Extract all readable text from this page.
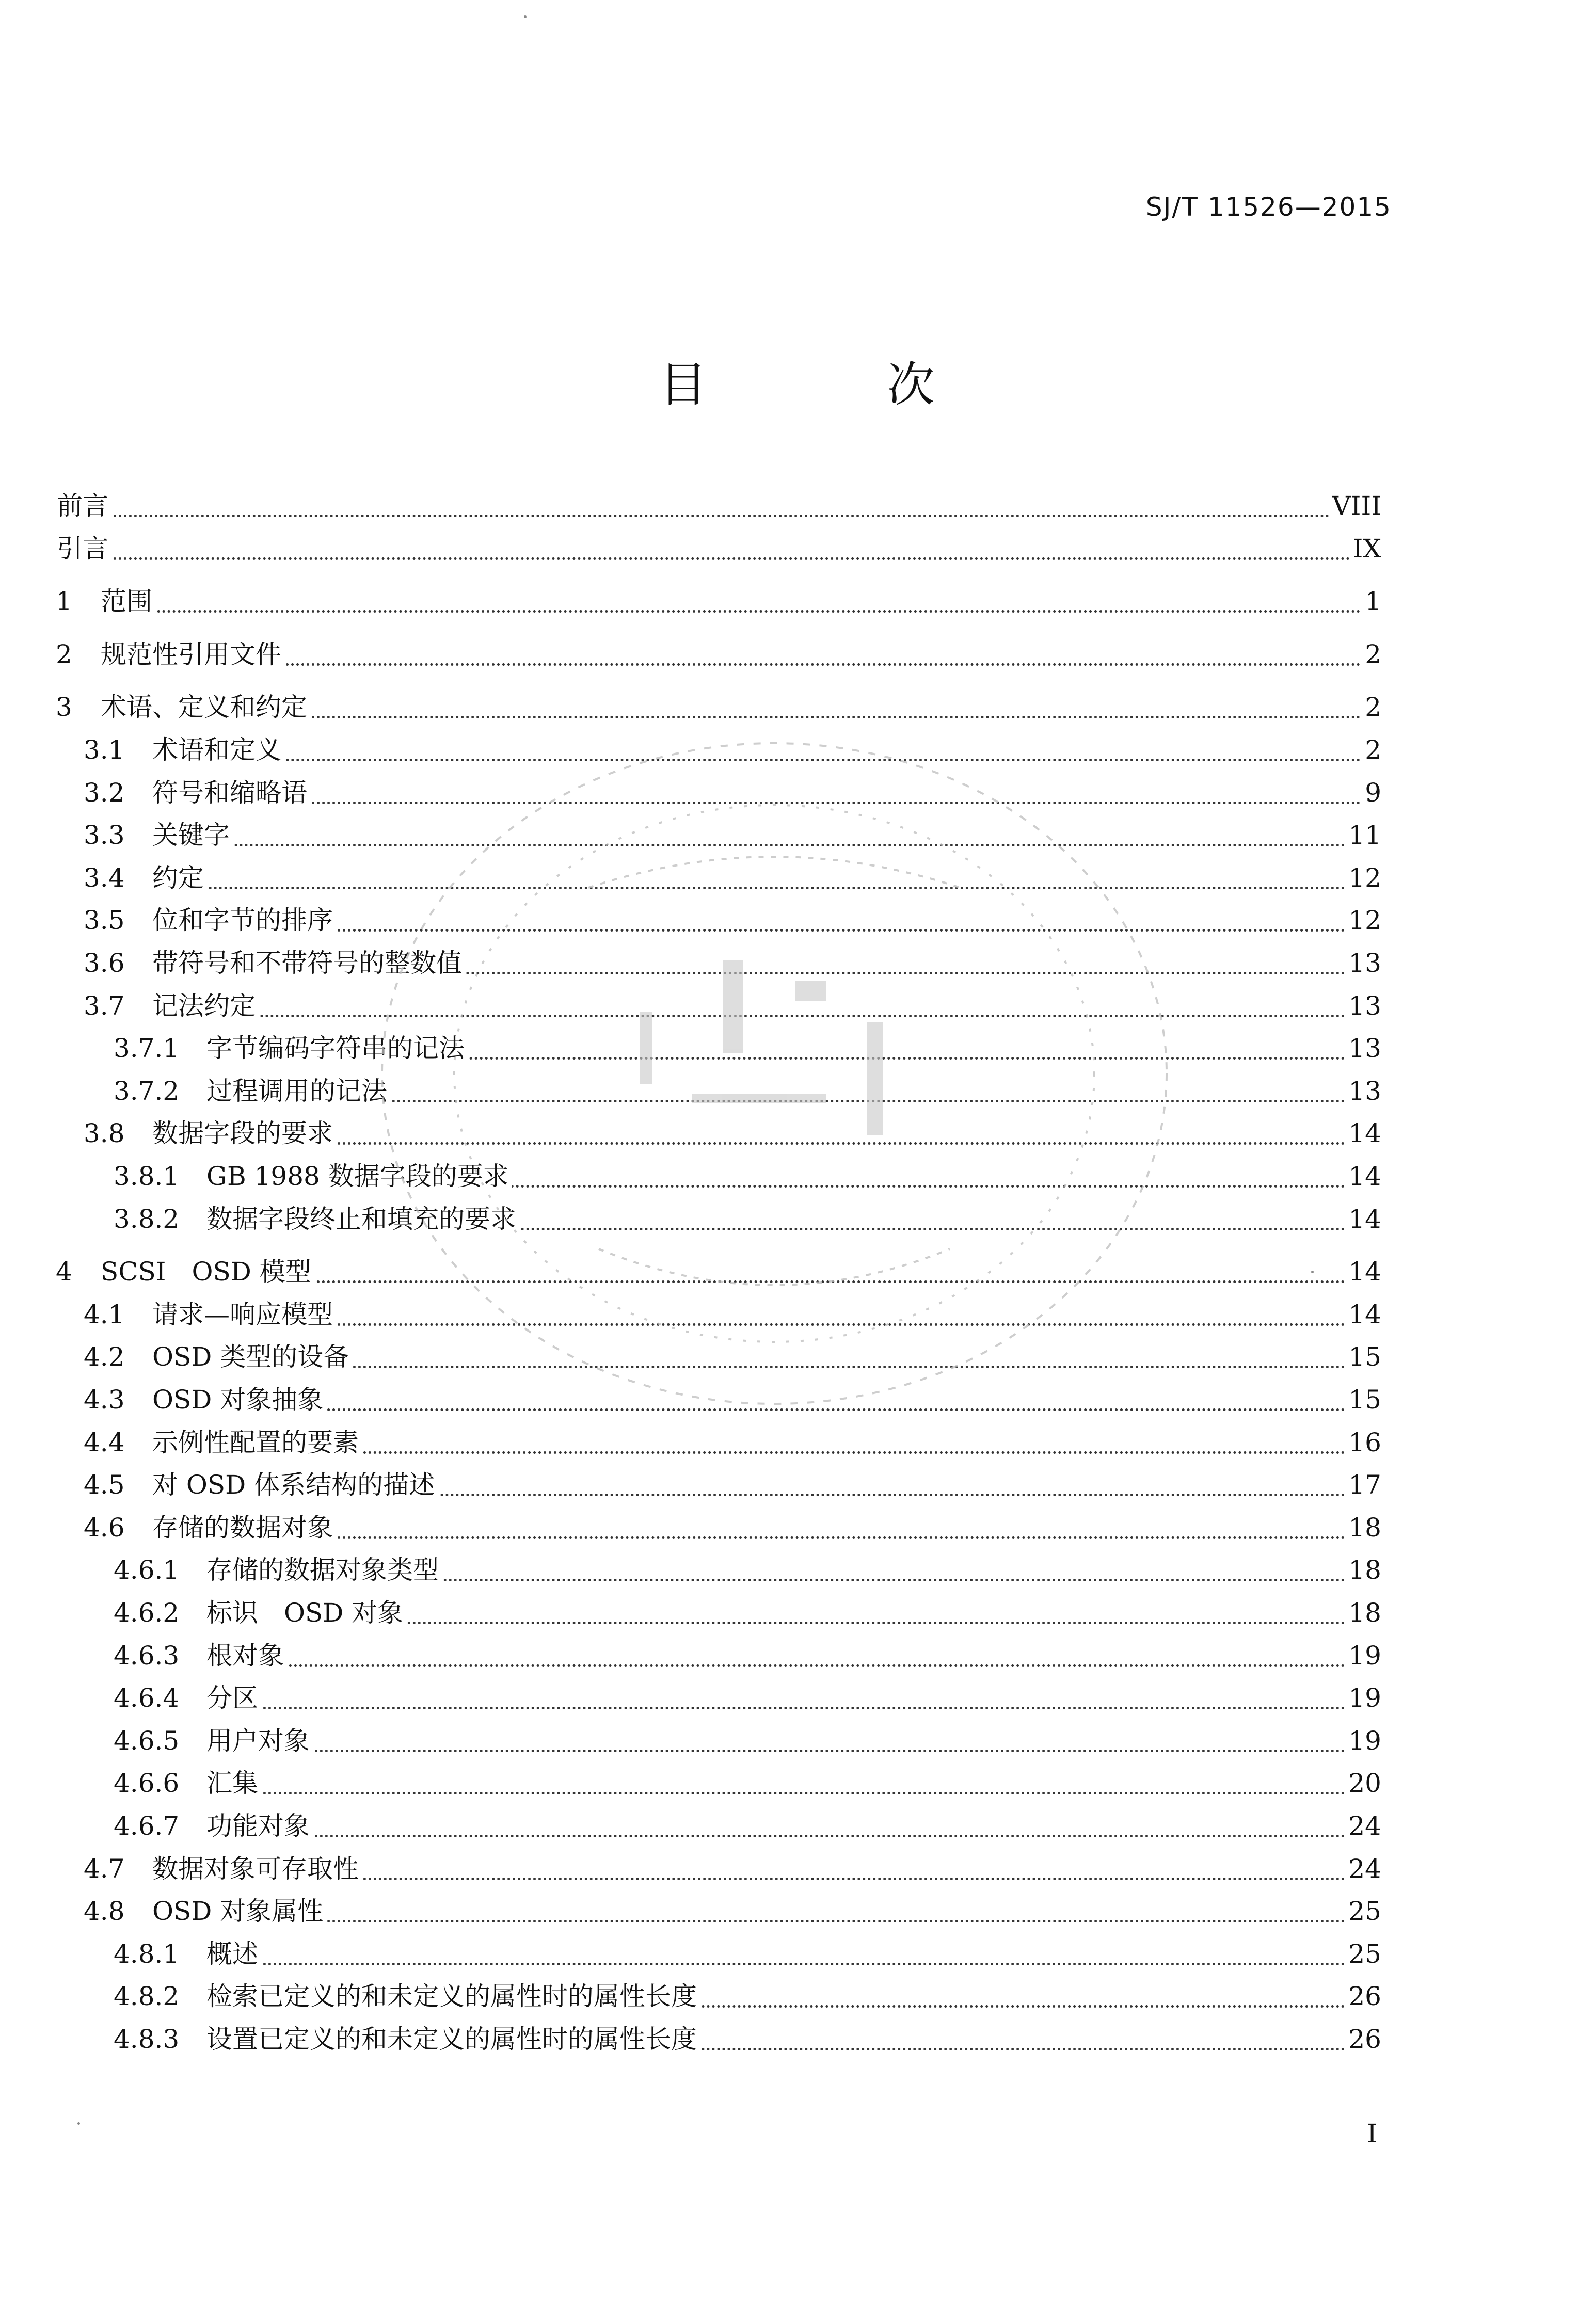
SJ/T 11526—2015
目 次
前言	VIII
引言	IX
1 范围	1
2 规范性引用文件	2
3 术语、定义和约定	2
3.1 术语和定义	2
3.2 符号和缩略语	9
3.3 关键字	11
3.4 约定	12
3.5 位和字节的排序	12
3.6 带符号和不带符号的整数值	13
3.7 记法约定	13
3.7.1 字节编码字符串的记法	13
3.7.2 过程调用的记法	13
3.8 数据字段的要求	14
3.8.1 GB 1988 数据字段的要求	14
3.8.2 数据字段终止和填充的要求	14
4 SCSI　OSD 模型	14
4.1 请求—响应模型	14
4.2 OSD 类型的设备	15
4.3 OSD 对象抽象	15
4.4 示例性配置的要素	16
4.5 对 OSD 体系结构的描述	17
4.6 存储的数据对象	18
4.6.1 存储的数据对象类型	18
4.6.2 标识　OSD 对象	18
4.6.3 根对象	19
4.6.4 分区	19
4.6.5 用户对象	19
4.6.6 汇集	20
4.6.7 功能对象	24
4.7 数据对象可存取性	24
4.8 OSD 对象属性	25
4.8.1 概述	25
4.8.2 检索已定义的和未定义的属性时的属性长度	26
4.8.3 设置已定义的和未定义的属性时的属性长度	26
I
